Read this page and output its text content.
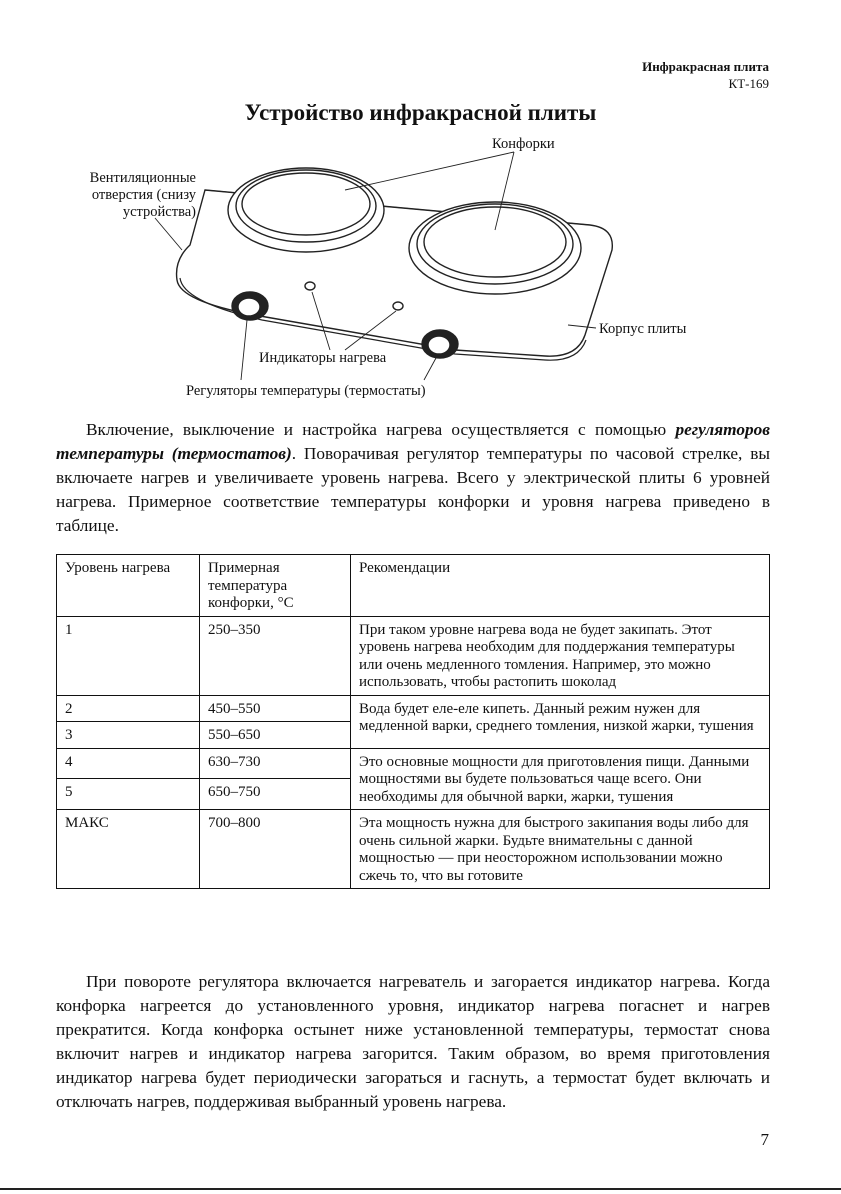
Инфракрасная плита
КТ-169
Устройство инфракрасной плиты
Вентиляционные
отверстия (снизу
устройства)
Конфорки
Корпус плиты
Индикаторы нагрева
Регуляторы температуры (термостаты)

Включение, выключение и настройка нагрева осуществляется с помощью регуляторов температуры (термостатов). Поворачивая регулятор температуры по часовой стрелке, вы включаете нагрев и увеличиваете уровень нагрева. Всего у электрической плиты 6 уровней нагрева. Примерное соответствие температуры конфорки и уровня нагрева приведено в таблице.

Уровень нагрева	Примерная температура конфорки, °С	Рекомендации
1	250–350	При таком уровне нагрева вода не будет закипать. Этот уровень нагрева необходим для поддержания температуры или очень медленного томления. Например, это можно использовать, чтобы растопить шоколад
2	450–550	Вода будет еле-еле кипеть. Данный режим нужен для медленной варки, среднего томления, низкой жарки, тушения
3	550–650	
4	630–730	Это основные мощности для приготовления пищи. Данными мощностями вы будете пользоваться чаще всего. Они необходимы для обычной варки, жарки, тушения
5	650–750	
МАКС	700–800	Эта мощность нужна для быстрого закипания воды либо для очень сильной жарки. Будьте внимательны с данной мощностью — при неосторожном использовании можно сжечь то, что вы готовите

При повороте регулятора включается нагреватель и загорается индикатор нагрева. Когда конфорка нагреется до установленного уровня, индикатор нагрева погаснет и нагрев прекратится. Когда конфорка остынет ниже установленной температуры, термостат снова включит нагрев и индикатор нагрева загорится. Таким образом, во время приготовления индикатор нагрева будет периодически загораться и гаснуть, а термостат будет включать и отключать нагрев, поддерживая выбранный уровень нагрева.

7
